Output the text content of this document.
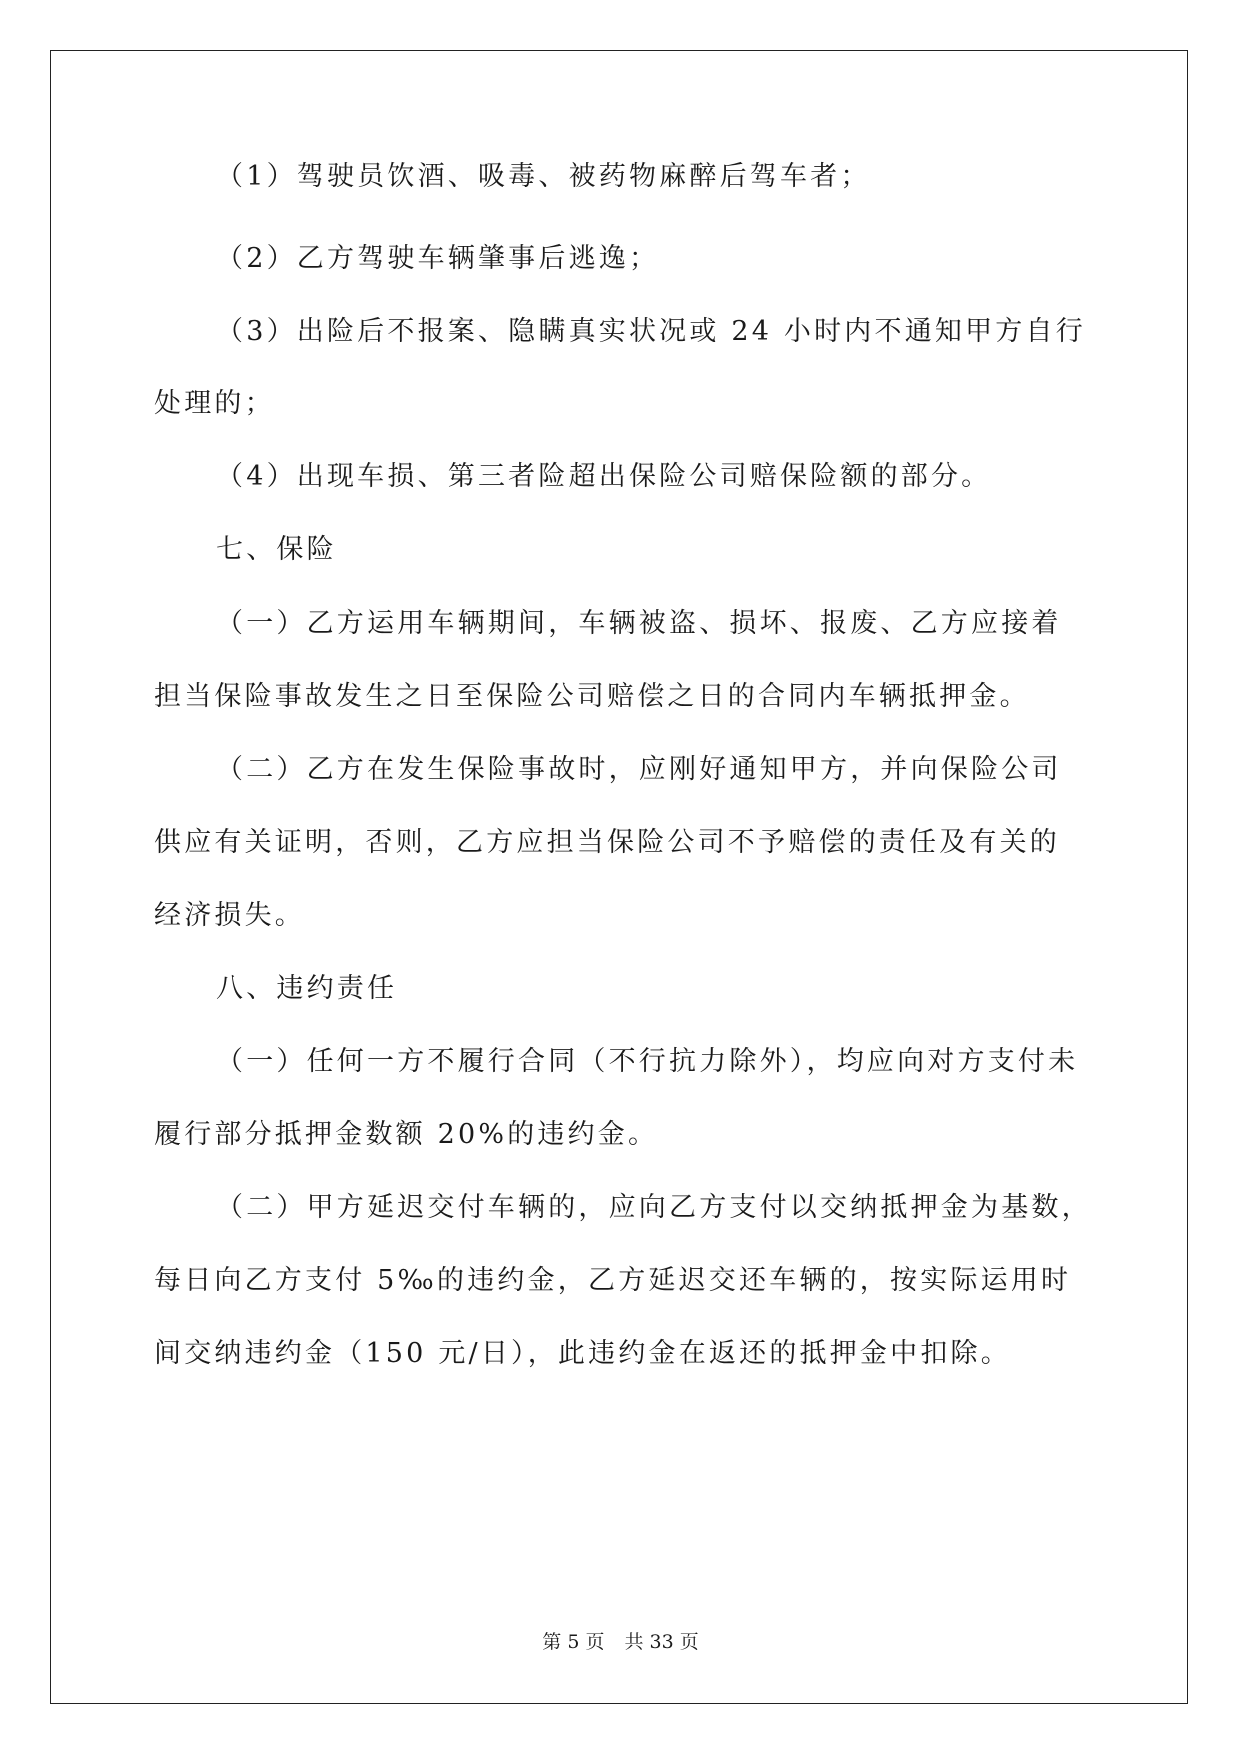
（1）驾驶员饮酒、吸毒、被药物麻醉后驾车者；
（2）乙方驾驶车辆肇事后逃逸；
（3）出险后不报案、隐瞒真实状况或 24 小时内不通知甲方自行
处理的；
（4）出现车损、第三者险超出保险公司赔保险额的部分。
七、保险
（一）乙方运用车辆期间，车辆被盗、损坏、报废、乙方应接着
担当保险事故发生之日至保险公司赔偿之日的合同内车辆抵押金。
（二）乙方在发生保险事故时，应刚好通知甲方，并向保险公司
供应有关证明，否则，乙方应担当保险公司不予赔偿的责任及有关的
经济损失。
八、违约责任
（一）任何一方不履行合同（不行抗力除外），均应向对方支付未
履行部分抵押金数额 20%的违约金。
（二）甲方延迟交付车辆的，应向乙方支付以交纳抵押金为基数，
每日向乙方支付 5‰的违约金，乙方延迟交还车辆的，按实际运用时
间交纳违约金（150 元/日），此违约金在返还的抵押金中扣除。
第 5 页 共 33 页
